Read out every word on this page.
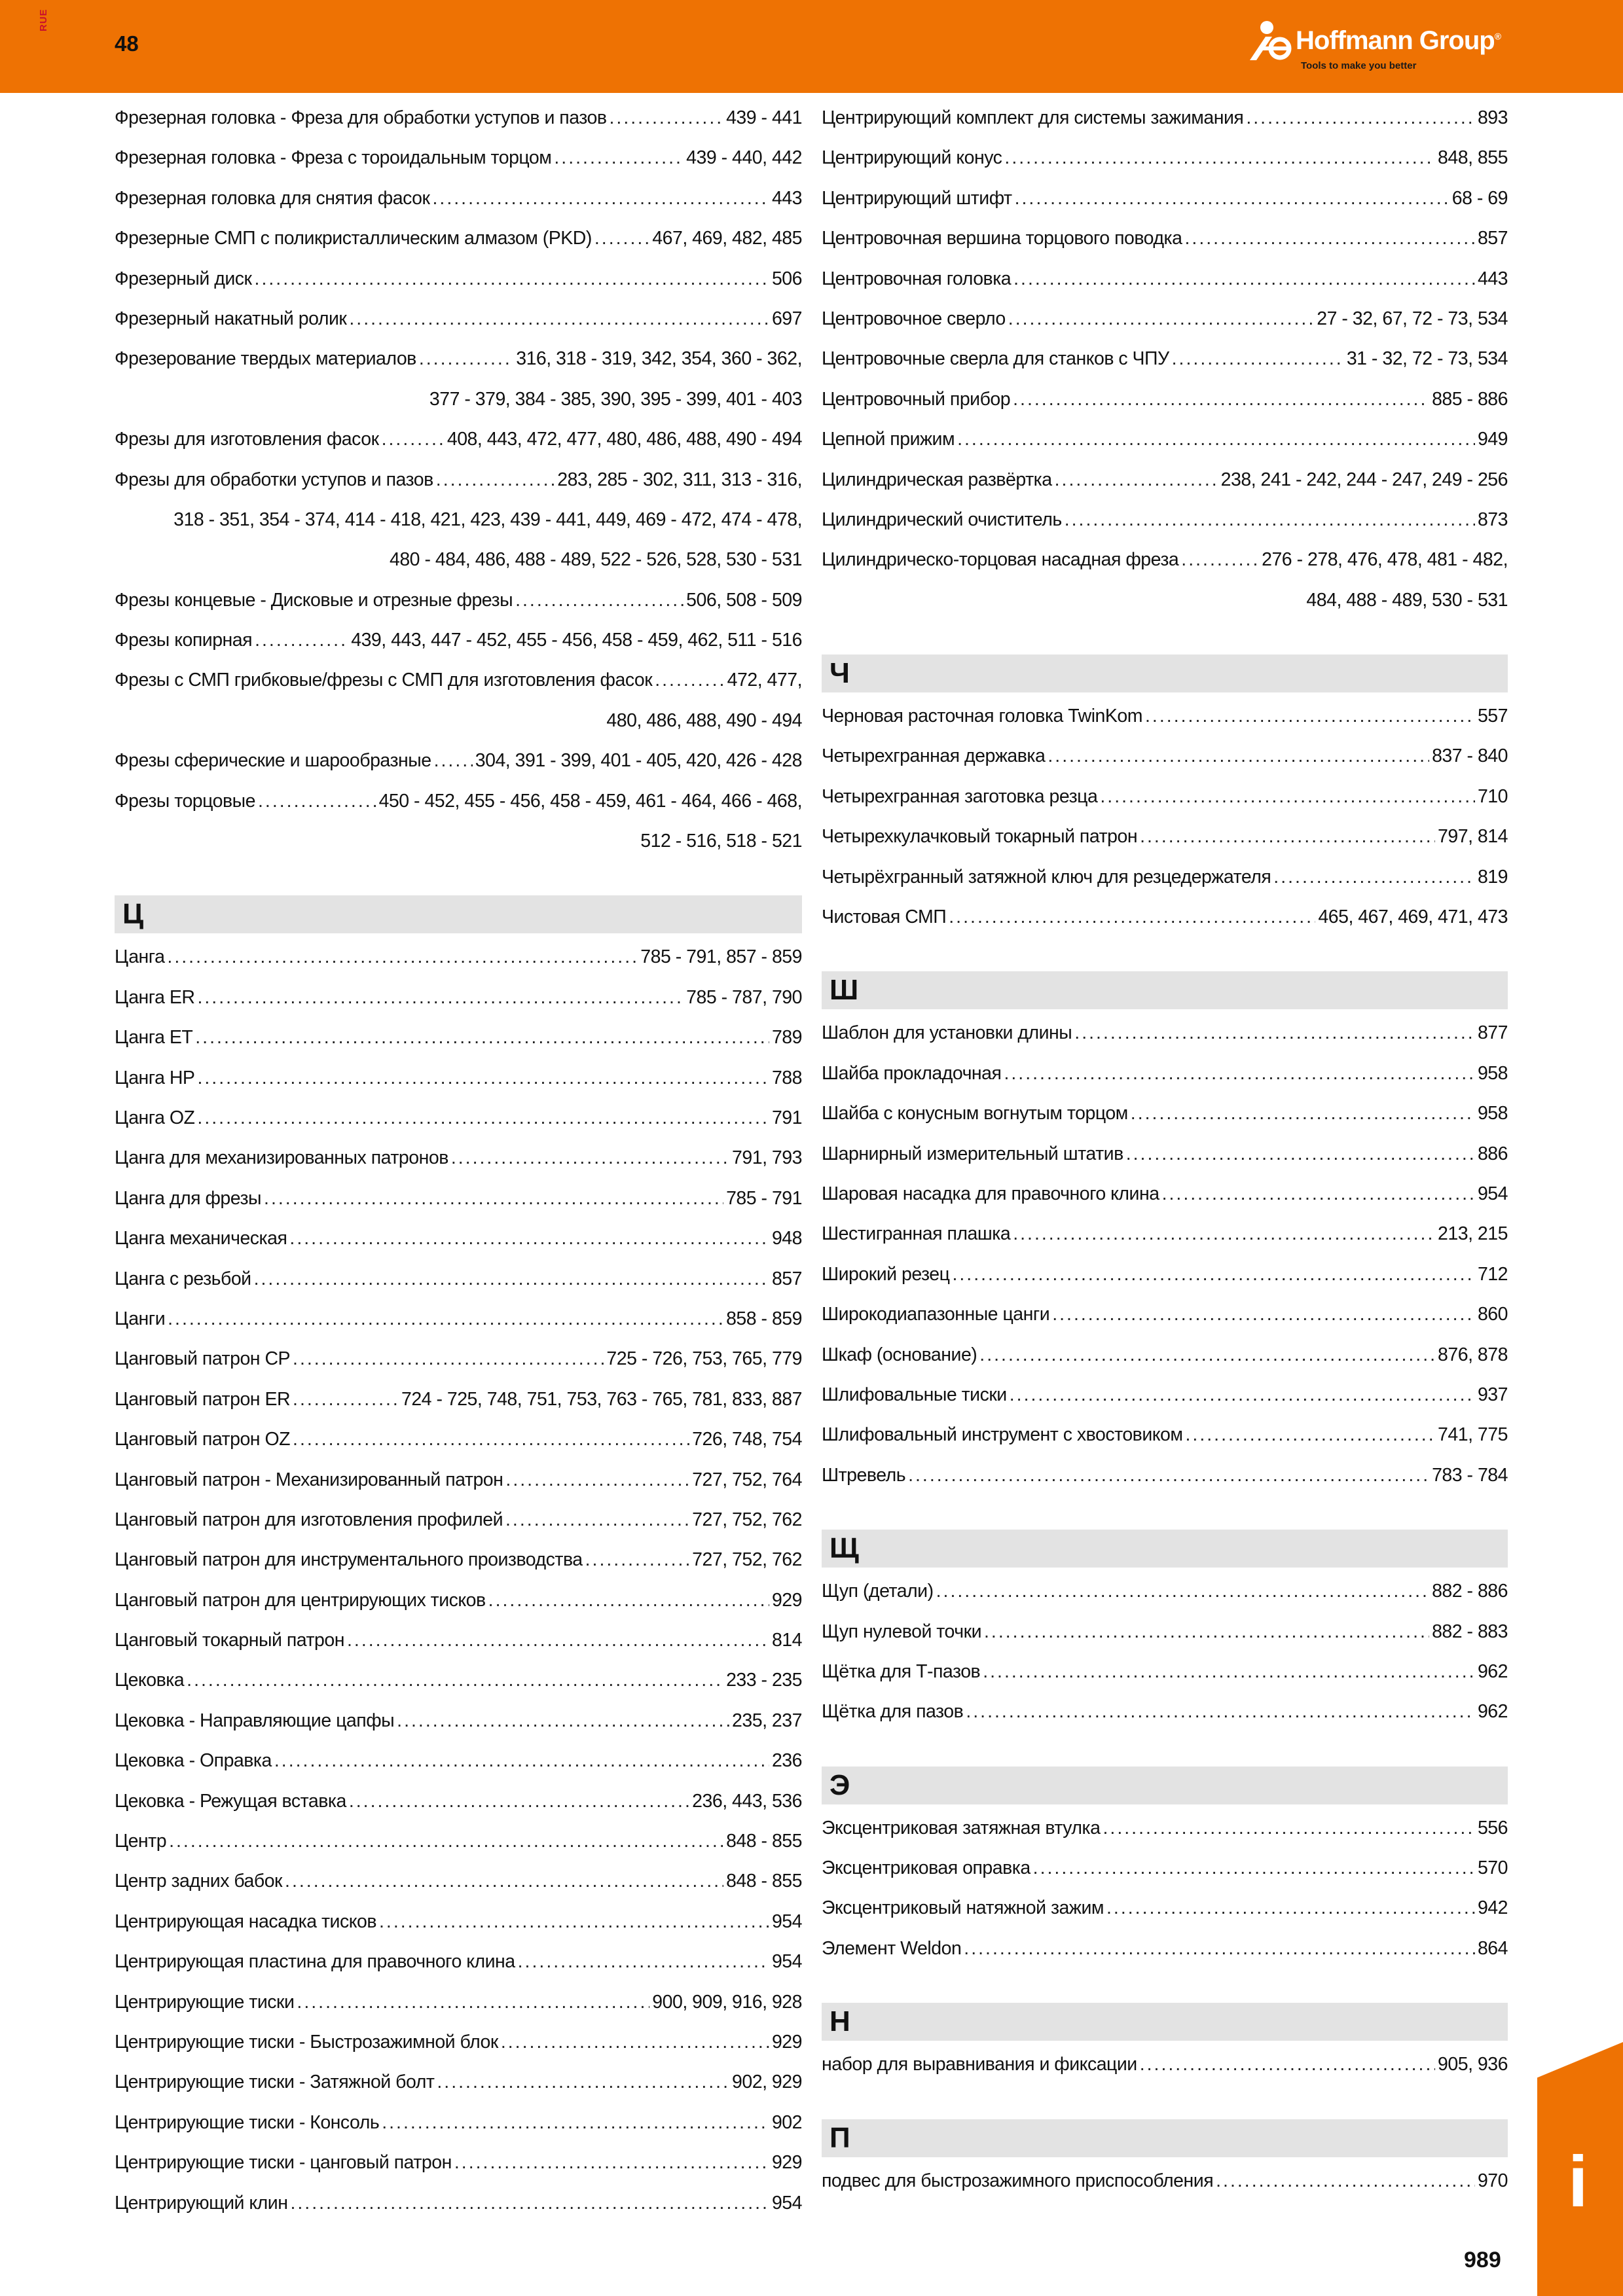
RUE
48	Hoffmann Group®
Tools to make you better
Фрезерная головка - Фреза для обработки уступов и пазов .....	439 - 441
Фрезерная головка - Фреза с тороидальным торцом .....	439 - 440, 442
Фрезерная головка для снятия фасок .....	443
Фрезерные СМП с поликристаллическим алмазом (PKD) .....	467, 469, 482, 485
Фрезерный диск .....	506
Фрезерный накатный ролик .....	697
Фрезерование твердых материалов .....	316, 318 - 319, 342, 354, 360 - 362,
377 - 379, 384 - 385, 390, 395 - 399, 401 - 403
Фрезы для изготовления фасок .....	408, 443, 472, 477, 480, 486, 488, 490 - 494
Фрезы для обработки уступов и пазов .....	283, 285 - 302, 311, 313 - 316,
318 - 351, 354 - 374, 414 - 418, 421, 423, 439 - 441, 449, 469 - 472, 474 - 478,
480 - 484, 486, 488 - 489, 522 - 526, 528, 530 - 531
Фрезы концевые - Дисковые и отрезные фрезы .....	506, 508 - 509
Фрезы копирная .....	439, 443, 447 - 452, 455 - 456, 458 - 459, 462, 511 - 516
Фрезы с СМП грибковые/фрезы с СМП для изготовления фасок .....	472, 477,
480, 486, 488, 490 - 494
Фрезы сферические и шарообразные ..... 304, 391 - 399, 401 - 405, 420, 426 - 428
Фрезы торцовые .....	450 - 452, 455 - 456, 458 - 459, 461 - 464, 466 - 468,
512 - 516, 518 - 521
Ц
Цанга .....	785 - 791, 857 - 859
Цанга ER .....	785 - 787, 790
Цанга ET .....	789
Цанга HP .....	788
Цанга OZ .....	791
Цанга для механизированных патронов .....	791, 793
Цанга для фрезы .....	785 - 791
Цанга механическая .....	948
Цанга с резьбой .....	857
Цанги .....	858 - 859
Цанговый патрон CP .....	725 - 726, 753, 765, 779
Цанговый патрон ER .....	724 - 725, 748, 751, 753, 763 - 765, 781, 833, 887
Цанговый патрон OZ .....	726, 748, 754
Цанговый патрон - Механизированный патрон .....	727, 752, 764
Цанговый патрон для изготовления профилей .....	727, 752, 762
Цанговый патрон для инструментального производства .....	727, 752, 762
Цанговый патрон для центрирующих тисков .....	929
Цанговый токарный патрон .....	814
Цековка .....	233 - 235
Цековка - Направляющие цапфы .....	235, 237
Цековка - Оправка .....	236
Цековка - Режущая вставка .....	236, 443, 536
Центр .....	848 - 855
Центр задних бабок .....	848 - 855
Центрирующая насадка тисков .....	954
Центрирующая пластина для правочного клина .....	954
Центрирующие тиски .....	900, 909, 916, 928
Центрирующие тиски - Быстрозажимной блок .....	929
Центрирующие тиски - Затяжной болт .....	902, 929
Центрирующие тиски - Консоль .....	902
Центрирующие тиски - цанговый патрон .....	929
Центрирующий клин .....	954
Центрирующий комплект для системы зажимания .....	893
Центрирующий конус .....	848, 855
Центрирующий штифт .....	68 - 69
Центровочная вершина торцового поводка .....	857
Центровочная головка .....	443
Центровочное сверло .....	27 - 32, 67, 72 - 73, 534
Центровочные сверла для станков с ЧПУ .....	31 - 32, 72 - 73, 534
Центровочный прибор .....	885 - 886
Цепной прижим .....	949
Цилиндрическая развёртка .....	238, 241 - 242, 244 - 247, 249 - 256
Цилиндрический очиститель .....	873
Цилиндрическо-торцовая насадная фреза .....	276 - 278, 476, 478, 481 - 482,
484, 488 - 489, 530 - 531
Ч
Черновая расточная головка TwinKom .....	557
Четырехгранная державка .....	837 - 840
Четырехгранная заготовка резца .....	710
Четырехкулачковый токарный патрон .....	797, 814
Четырёхгранный затяжной ключ для резцедержателя .....	819
Чистовая СМП .....	465, 467, 469, 471, 473
Ш
Шаблон для установки длины .....	877
Шайба прокладочная .....	958
Шайба с конусным вогнутым торцом .....	958
Шарнирный измерительный штатив .....	886
Шаровая насадка для правочного клина .....	954
Шестигранная плашка .....	213, 215
Широкий резец .....	712
Широкодиапазонные цанги .....	860
Шкаф (основание) .....	876, 878
Шлифовальные тиски .....	937
Шлифовальный инструмент с хвостовиком .....	741, 775
Штревель .....	783 - 784
Щ
Щуп (детали) .....	882 - 886
Щуп нулевой точки .....	882 - 883
Щётка для Т-пазов .....	962
Щётка для пазов .....	962
Э
Эксцентриковая затяжная втулка .....	556
Эксцентриковая оправка .....	570
Эксцентриковый натяжной зажим .....	942
Элемент Weldon .....	864
Н
набор для выравнивания и фиксации .....	905, 936
П
подвес для быстрозажимного приспособления .....	970 i
989
